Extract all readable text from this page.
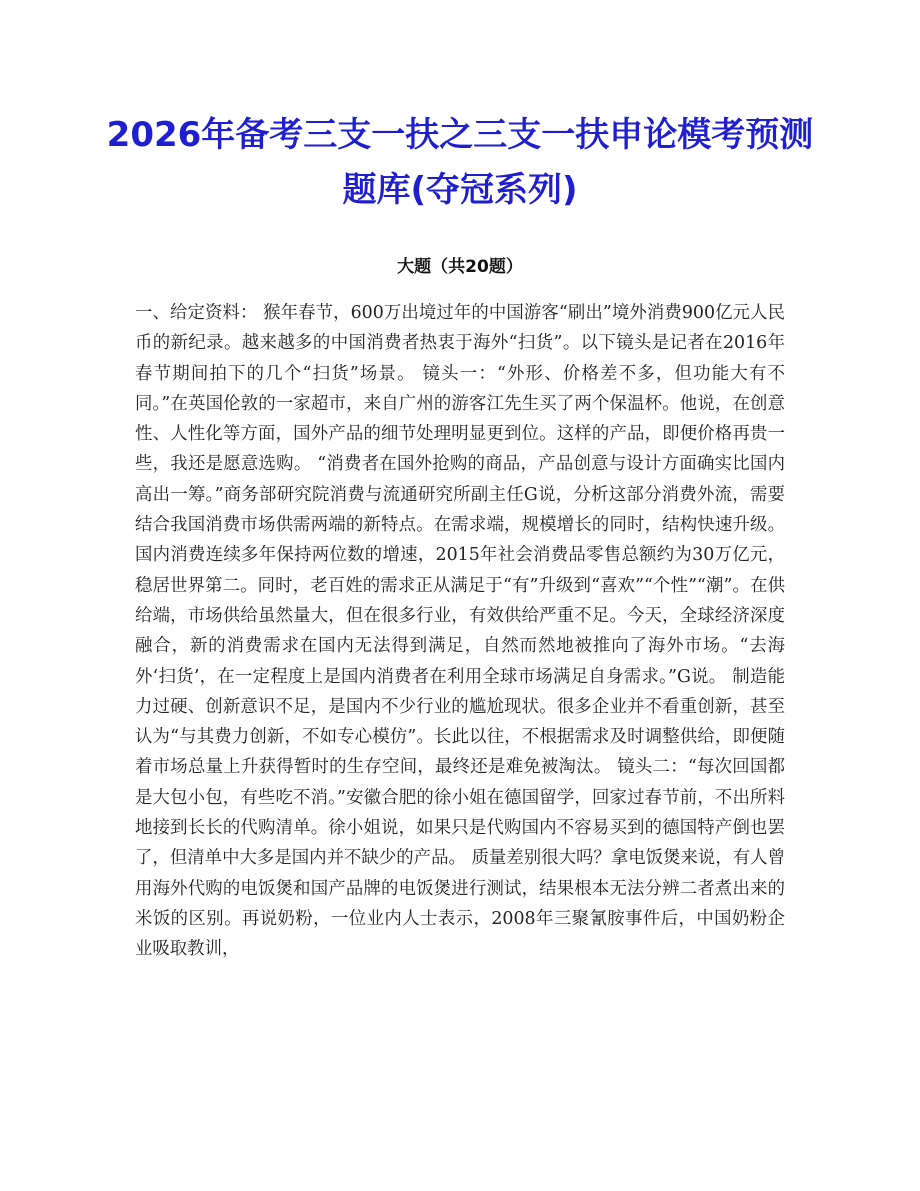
2026年备考三支一扶之三支一扶申论模考预测题库(夺冠系列)
大题（共20题）

一、给定资料： 猴年春节，600万出境过年的中国游客“刷出”境外消费900亿元人民币的新纪录。越来越多的中国消费者热衷于海外“扫货”。以下镜头是记者在2016年春节期间拍下的几个“扫货”场景。 镜头一：“外形、价格差不多，但功能大有不同。”在英国伦敦的一家超市，来自广州的游客江先生买了两个保温杯。他说，在创意性、人性化等方面，国外产品的细节处理明显更到位。这样的产品，即便价格再贵一些，我还是愿意选购。 “消费者在国外抢购的商品，产品创意与设计方面确实比国内高出一筹。”商务部研究院消费与流通研究所副主任G说，分析这部分消费外流，需要结合我国消费市场供需两端的新特点。在需求端，规模增长的同时，结构快速升级。国内消费连续多年保持两位数的增速，2015年社会消费品零售总额约为30万亿元，稳居世界第二。同时，老百姓的需求正从满足于“有”升级到“喜欢”“个性”“潮”。在供给端，市场供给虽然量大，但在很多行业，有效供给严重不足。今天，全球经济深度融合，新的消费需求在国内无法得到满足，自然而然地被推向了海外市场。“去海外‘扫货’，在一定程度上是国内消费者在利用全球市场满足自身需求。”G说。 制造能力过硬、创新意识不足，是国内不少行业的尴尬现状。很多企业并不看重创新，甚至认为“与其费力创新，不如专心模仿”。长此以往，不根据需求及时调整供给，即便随着市场总量上升获得暂时的生存空间，最终还是难免被淘汰。 镜头二：“每次回国都是大包小包，有些吃不消。”安徽合肥的徐小姐在德国留学，回家过春节前，不出所料地接到长长的代购清单。徐小姐说，如果只是代购国内不容易买到的德国特产倒也罢了，但清单中大多是国内并不缺少的产品。 质量差别很大吗？拿电饭煲来说，有人曾用海外代购的电饭煲和国产品牌的电饭煲进行测试，结果根本无法分辨二者煮出来的米饭的区别。再说奶粉，一位业内人士表示，2008年三聚氰胺事件后，中国奶粉企业吸取教训，
